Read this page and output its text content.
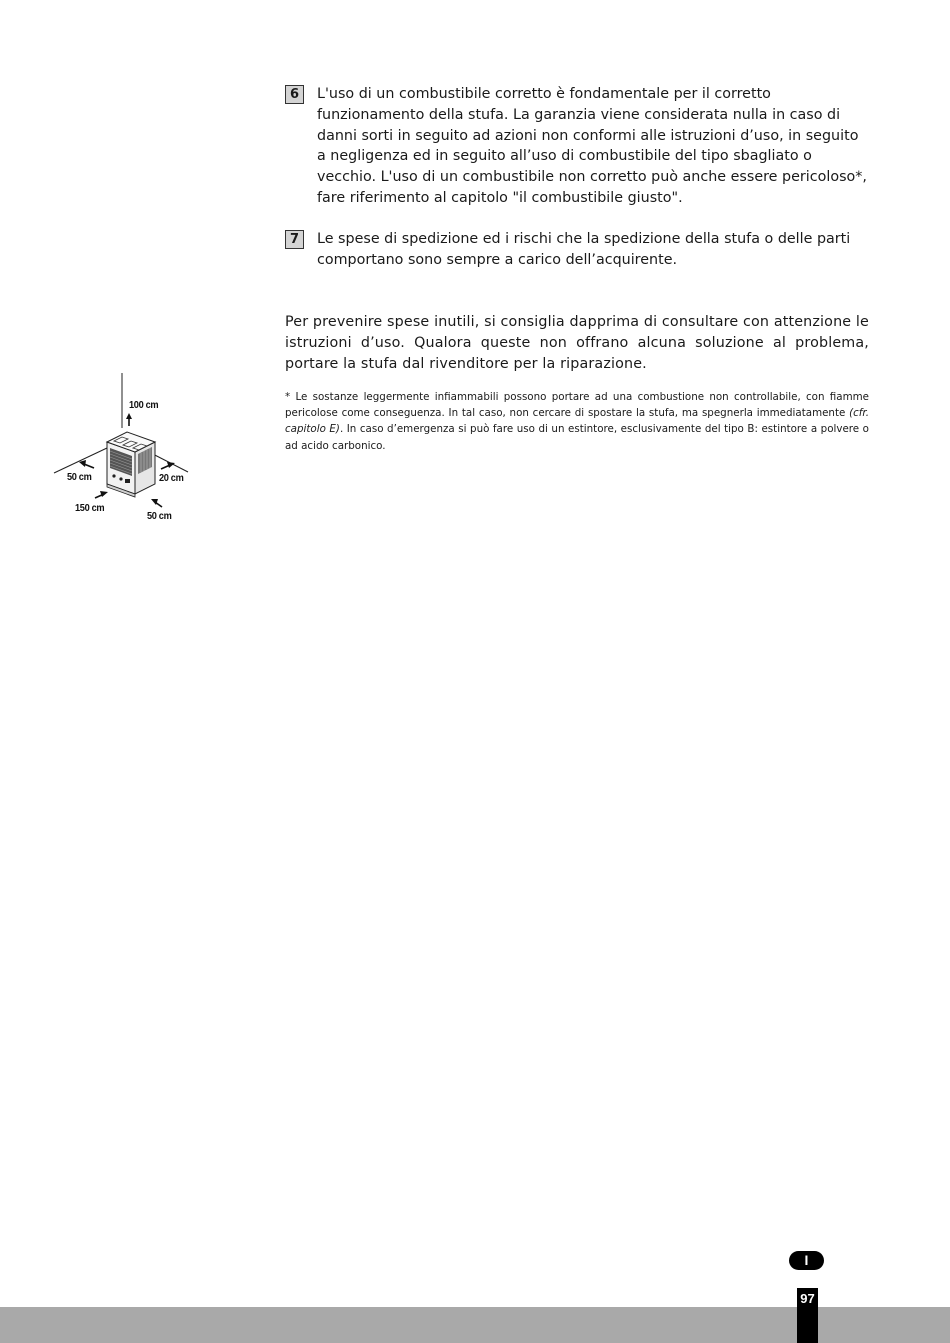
6	L'uso di un combustibile corretto è fondamentale per il corretto funzionamento della stufa. La garanzia viene considerata nulla in caso di danni sorti in seguito ad azioni non conformi alle istruzioni d’uso, in seguito a negligenza ed in seguito all’uso di combustibile del tipo sbagliato o vecchio. L'uso di un combustibile non corretto può anche essere pericoloso*, fare riferimento al capitolo "il combustibile giusto".
7	Le spese di spedizione ed i rischi che la spedizione della stufa o delle parti comportano sono sempre a carico dell’acquirente.
Per prevenire spese inutili, si consiglia dapprima di consultare con attenzione le istruzioni d’uso. Qualora queste non offrano alcuna soluzione al problema, portare la stufa dal rivenditore per la riparazione.
* Le sostanze leggermente infiammabili possono portare ad una combustione non controllabile, con fiamme pericolose come conseguenza. In tal caso, non cercare di spostare la stufa, ma spegnerla immediatamente (cfr. capitolo E). In caso d’emergenza si può fare uso di un estintore, esclusivamente del tipo B: estintore a polvere o ad acido carbonico.
100 cm
50 cm	20 cm
150 cm
50 cm
I
97
